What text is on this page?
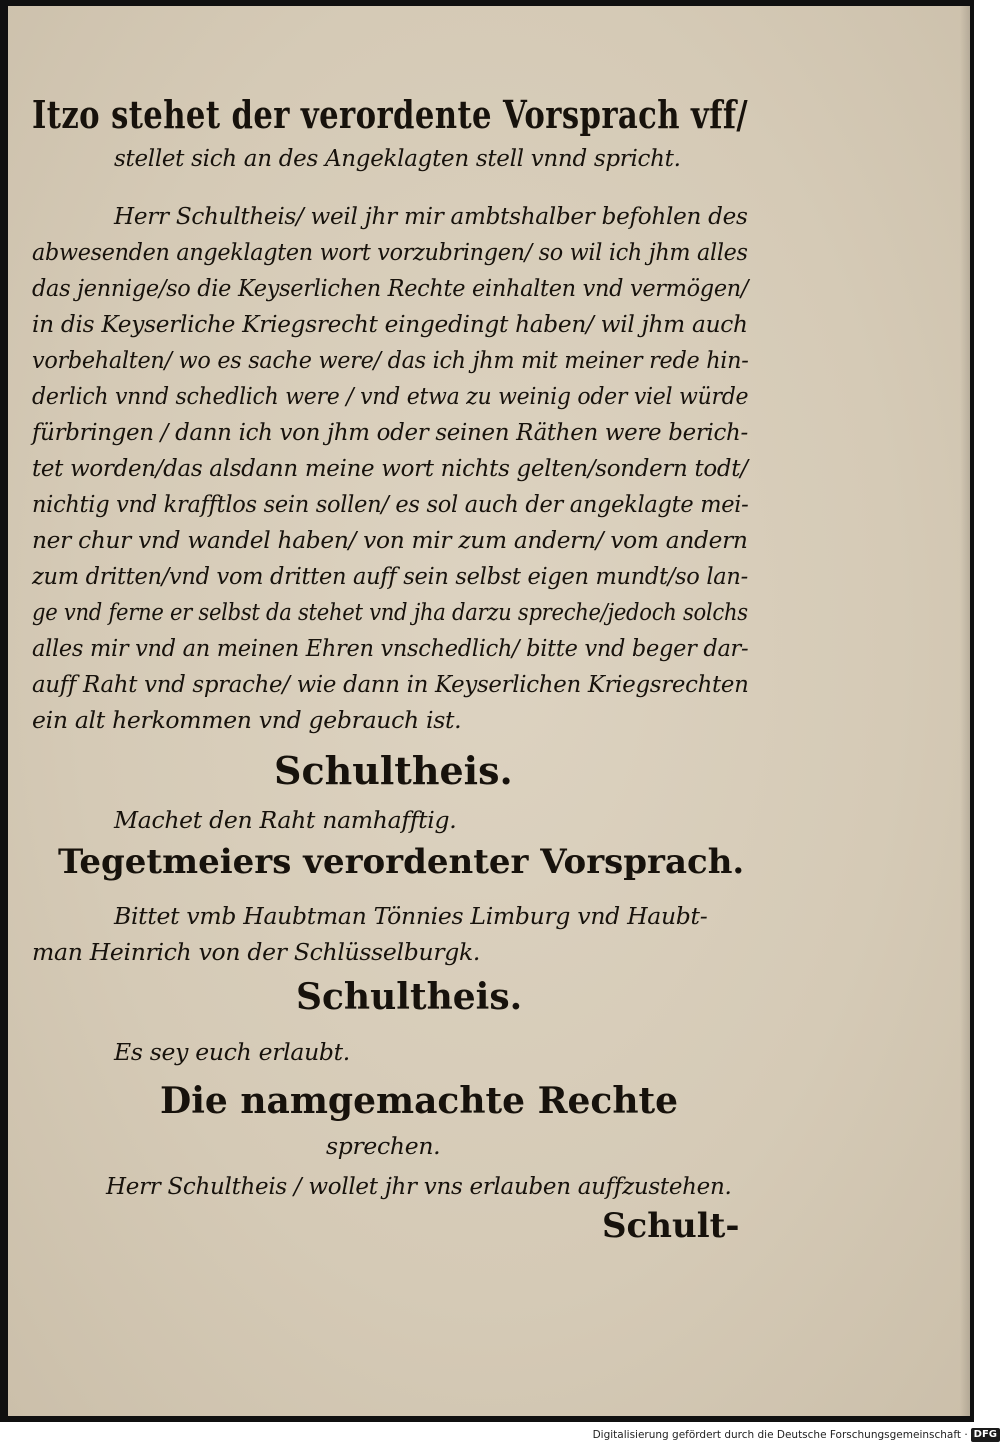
Itzo stehet der verordente Vorsprach vff/
stellet sich an des Angeklagten stell vnnd spricht.
Herr Schultheis/ weil jhr mir ambtshalber befohlen des
abwesenden angeklagten wort vorzubringen/ so wil ich jhm alles
das jennige/so die Keyserlichen Rechte einhalten vnd vermögen/
in dis Keyserliche Kriegsrecht eingedingt haben/ wil jhm auch
vorbehalten/ wo es sache were/ das ich jhm mit meiner rede hin-
derlich vnnd schedlich were / vnd etwa zu weinig oder viel würde
fürbringen / dann ich von jhm oder seinen Räthen were berich-
tet worden/das alsdann meine wort nichts gelten/sondern todt/
nichtig vnd krafftlos sein sollen/ es sol auch der angeklagte mei-
ner chur vnd wandel haben/ von mir zum andern/ vom andern
zum dritten/vnd vom dritten auff sein selbst eigen mundt/so lan-
ge vnd ferne er selbst da stehet vnd jha darzu spreche/jedoch solchs
alles mir vnd an meinen Ehren vnschedlich/ bitte vnd beger dar-
auff Raht vnd sprache/ wie dann in Keyserlichen Kriegsrechten
ein alt herkommen vnd gebrauch ist.
Schultheis.
Machet den Raht namhafftig.
Tegetmeiers verordenter Vorsprach.
Bittet vmb Haubtman Tönnies Limburg vnd Haubt-
man Heinrich von der Schlüsselburgk.
Schultheis.
Es sey euch erlaubt.
Die namgemachte Rechte
sprechen.
Herr Schultheis / wollet jhr vns erlauben auffzustehen.
Schult-
Digitalisierung gefördert durch die Deutsche Forschungsgemeinschaft · DFG
